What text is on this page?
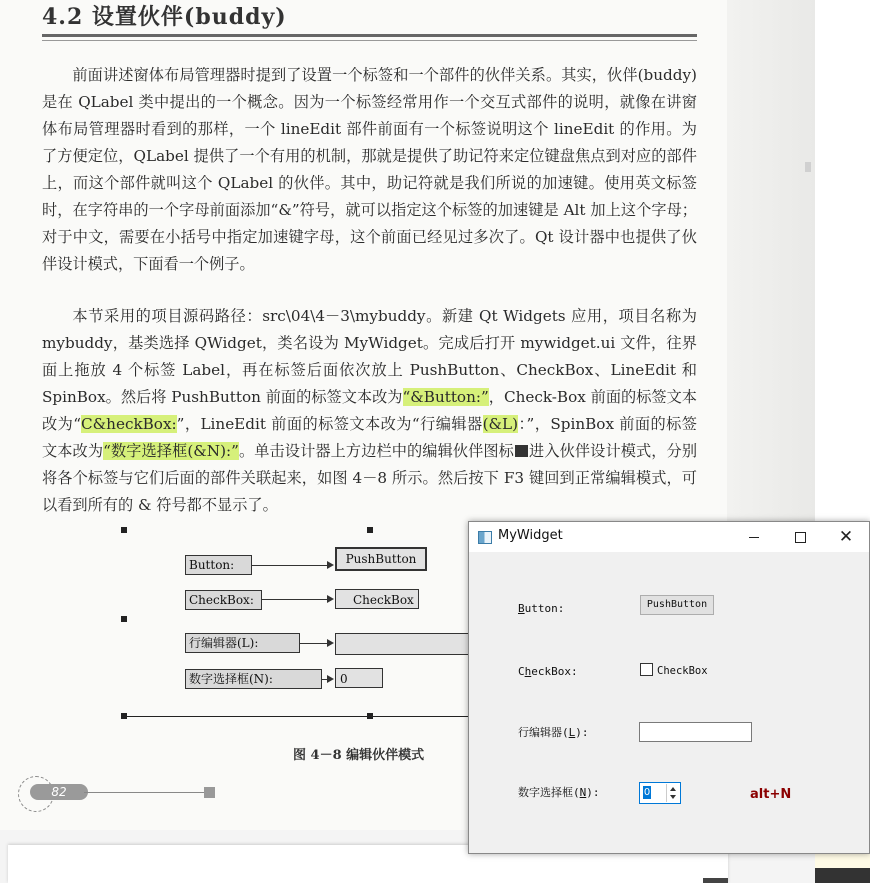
4.2 设置伙伴(buddy)
前面讲述窗体布局管理器时提到了设置一个标签和一个部件的伙伴关系。其实，伙伴(buddy)是在 QLabel 类中提出的一个概念。因为一个标签经常用作一个交互式部件的说明，就像在讲窗体布局管理器时看到的那样，一个 lineEdit 部件前面有一个标签说明这个 lineEdit 的作用。为了方便定位，QLabel 提供了一个有用的机制，那就是提供了助记符来定位键盘焦点到对应的部件上，而这个部件就叫这个 QLabel 的伙伴。其中，助记符就是我们所说的加速键。使用英文标签时，在字符串的一个字母前面添加“&”符号，就可以指定这个标签的加速键是 Alt 加上这个字母；对于中文，需要在小括号中指定加速键字母，这个前面已经见过多次了。Qt 设计器中也提供了伙伴设计模式，下面看一个例子。
本节采用的项目源码路径：src\04\4－3\mybuddy。新建 Qt Widgets 应用，项目名称为 mybuddy，基类选择 QWidget，类名设为 MyWidget。完成后打开 mywidget.ui 文件，往界面上拖放 4 个标签 Label，再在标签后面依次放上 PushButton、CheckBox、LineEdit 和 SpinBox。然后将 PushButton 前面的标签文本改为“&Button:”，Check-Box 前面的标签文本改为“C&heckBox:”，LineEdit 前面的标签文本改为“行编辑器(&L)：”，SpinBox 前面的标签文本改为“数字选择框(&N):”。单击设计器上方边栏中的编辑伙伴图标 进入伙伴设计模式，分别将各个标签与它们后面的部件关联起来，如图 4－8 所示。然后按下 F3 键回到正常编辑模式，可以看到所有的 & 符号都不显示了。
Button:	PushButton
CheckBox:	CheckBox
行编辑器(L):
数字选择框(N):	0
图 4－8 编辑伙伴模式
82
MyWidget	✕
Button:	PushButton
CheckBox:	CheckBox
行编辑器(L):
数字选择框(N):	0	alt+N
